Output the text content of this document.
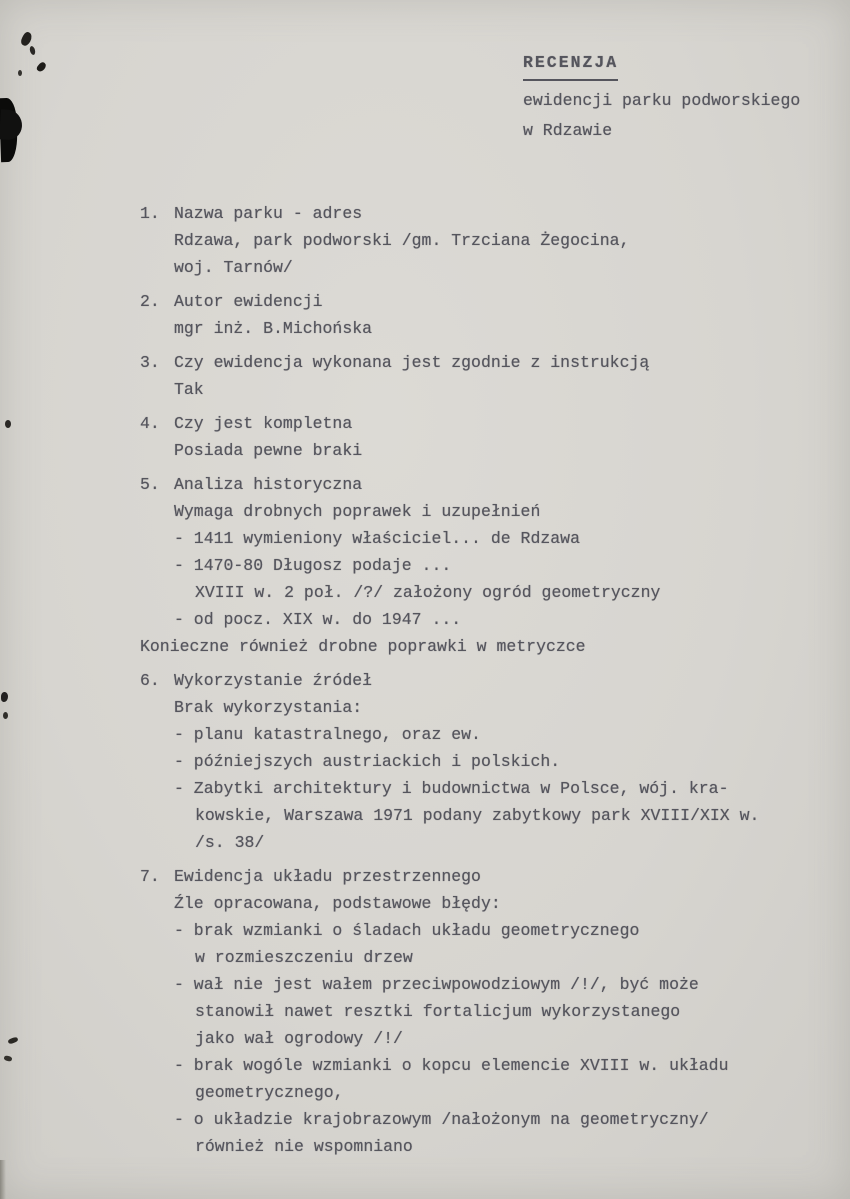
RECENZJA
ewidencji parku podworskiego
w Rdzawie
1. Nazwa parku - adres
Rdzawa, park podworski /gm. Trzciana Żegocina,
woj. Tarnów/
2. Autor ewidencji
mgr inż. B.Michońska
3. Czy ewidencja wykonana jest zgodnie z instrukcją
Tak
4. Czy jest kompletna
Posiada pewne braki
5. Analiza historyczna
Wymaga drobnych poprawek i uzupełnień
- 1411 wymieniony właściciel... de Rdzawa
- 1470-80 Długosz podaje ...
XVIII w. 2 poł. /?/ założony ogród geometryczny
- od pocz. XIX w. do 1947 ...
Konieczne również drobne poprawki w metryczce
6. Wykorzystanie źródeł
Brak wykorzystania:
- planu katastralnego, oraz ew.
- późniejszych austriackich i polskich.
- Zabytki architektury i budownictwa w Polsce, wój. kra-
kowskie, Warszawa 1971 podany zabytkowy park XVIII/XIX w.
/s. 38/
7. Ewidencja układu przestrzennego
Źle opracowana, podstawowe błędy:
- brak wzmianki o śladach układu geometrycznego
w rozmieszczeniu drzew
- wał nie jest wałem przeciwpowodziowym /!/, być może
stanowił nawet resztki fortalicjum wykorzystanego
jako wał ogrodowy /!/
- brak wogóle wzmianki o kopcu elemencie XVIII w. układu
geometrycznego,
- o układzie krajobrazowym /nałożonym na geometryczny/
również nie wspomniano
